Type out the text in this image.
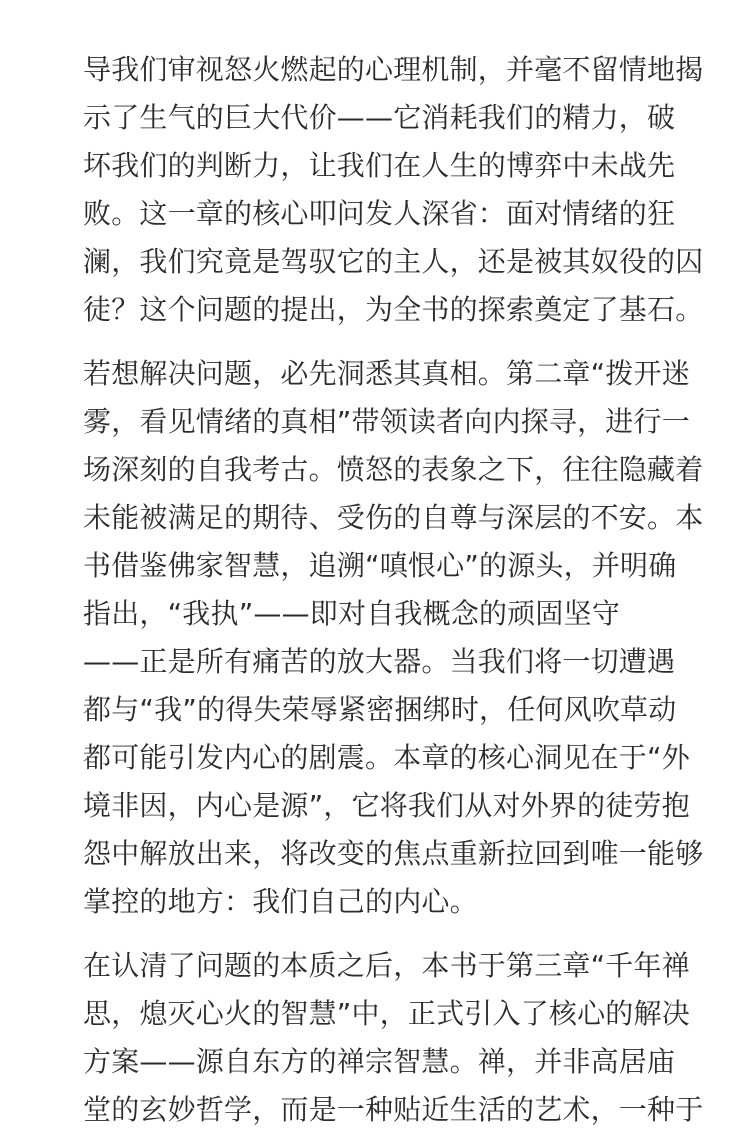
导我们审视怒火燃起的心理机制，并毫不留情地揭
示了生气的巨大代价——它消耗我们的精力，破
坏我们的判断力，让我们在人生的博弈中未战先
败。这一章的核心叩问发人深省：面对情绪的狂
澜，我们究竟是驾驭它的主人，还是被其奴役的囚
徒？这个问题的提出，为全书的探索奠定了基石。
若想解决问题，必先洞悉其真相。第二章“拨开迷
雾，看见情绪的真相”带领读者向内探寻，进行一
场深刻的自我考古。愤怒的表象之下，往往隐藏着
未能被满足的期待、受伤的自尊与深层的不安。本
书借鉴佛家智慧，追溯“嗔恨心”的源头，并明确
指出，“我执”——即对自我概念的顽固坚守
——正是所有痛苦的放大器。当我们将一切遭遇
都与“我”的得失荣辱紧密捆绑时，任何风吹草动
都可能引发内心的剧震。本章的核心洞见在于“外
境非因，内心是源”，它将我们从对外界的徒劳抱
怨中解放出来，将改变的焦点重新拉回到唯一能够
掌控的地方：我们自己的内心。
在认清了问题的本质之后，本书于第三章“千年禅
思，熄灭心火的智慧”中，正式引入了核心的解决
方案——源自东方的禅宗智慧。禅，并非高居庙
堂的玄妙哲学，而是一种贴近生活的艺术，一种于
